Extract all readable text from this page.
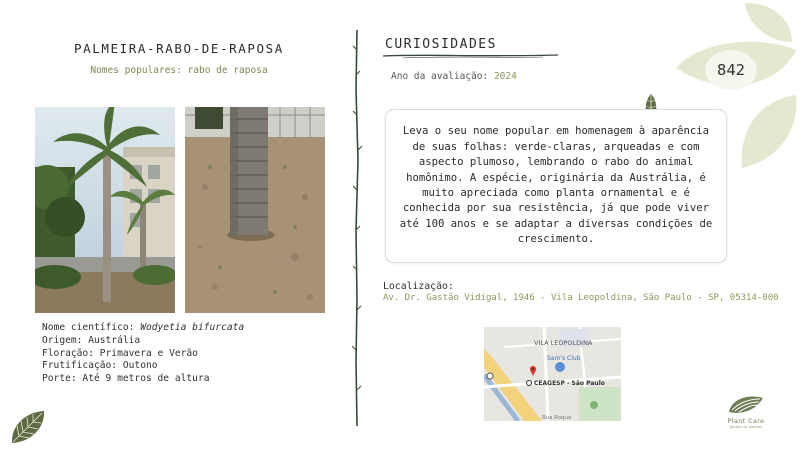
PALMEIRA-RABO-DE-RAPOSA
Nomes populares: rabo de raposa
Nome científico: Wodyetia bifurcata
Origem: Austrália
Floração: Primavera e Verão
Frutificação: Outono
Porte: Até 9 metros de altura
CURIOSIDADES
Ano da avaliação: 2024

Leva o seu nome popular em homenagem à aparência de suas folhas: verde-claras, arqueadas e com aspecto plumoso, lembrando o rabo do animal homônimo. A espécie, originária da Austrália, é muito apreciada como planta ornamental e é conhecida por sua resistência, já que pode viver até 100 anos e se adaptar a diversas condições de crescimento.

842
Localização:
Av. Dr. Gastão Vidigal, 1946 - Vila Leopoldina, São Paulo - SP, 05314-000
VILA LEOPOLDINA
Sam's Club
CEAGESP - São Paulo
Rua Roque	Plant Care
jardins de plantas
